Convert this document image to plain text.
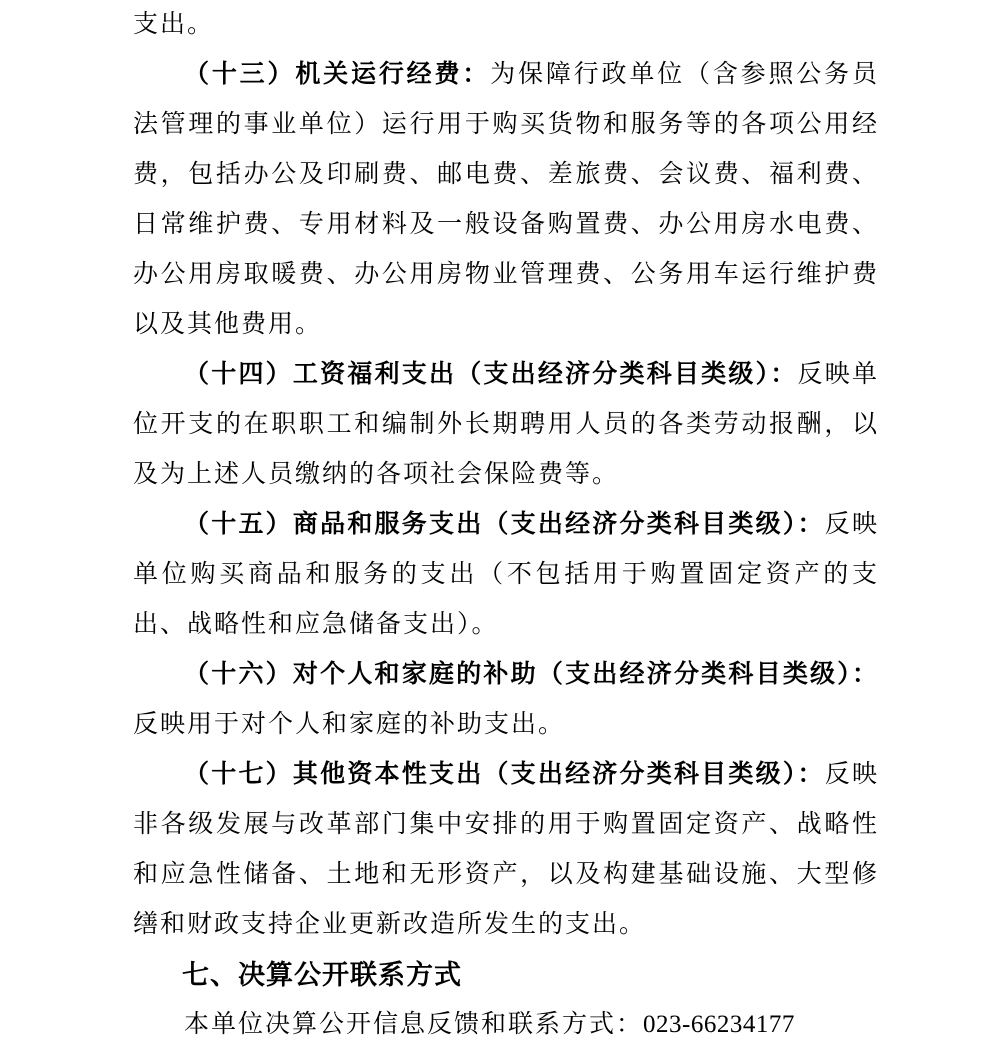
支出。

（十三）机关运行经费：为保障行政单位（含参照公务员法管理的事业单位）运行用于购买货物和服务等的各项公用经费，包括办公及印刷费、邮电费、差旅费、会议费、福利费、日常维护费、专用材料及一般设备购置费、办公用房水电费、办公用房取暖费、办公用房物业管理费、公务用车运行维护费以及其他费用。

（十四）工资福利支出（支出经济分类科目类级）：反映单位开支的在职职工和编制外长期聘用人员的各类劳动报酬，以及为上述人员缴纳的各项社会保险费等。

（十五）商品和服务支出（支出经济分类科目类级）：反映单位购买商品和服务的支出（不包括用于购置固定资产的支出、战略性和应急储备支出）。

（十六）对个人和家庭的补助（支出经济分类科目类级）：反映用于对个人和家庭的补助支出。

（十七）其他资本性支出（支出经济分类科目类级）：反映非各级发展与改革部门集中安排的用于购置固定资产、战略性和应急性储备、土地和无形资产，以及构建基础设施、大型修缮和财政支持企业更新改造所发生的支出。

七、决算公开联系方式

本单位决算公开信息反馈和联系方式：023-66234177
